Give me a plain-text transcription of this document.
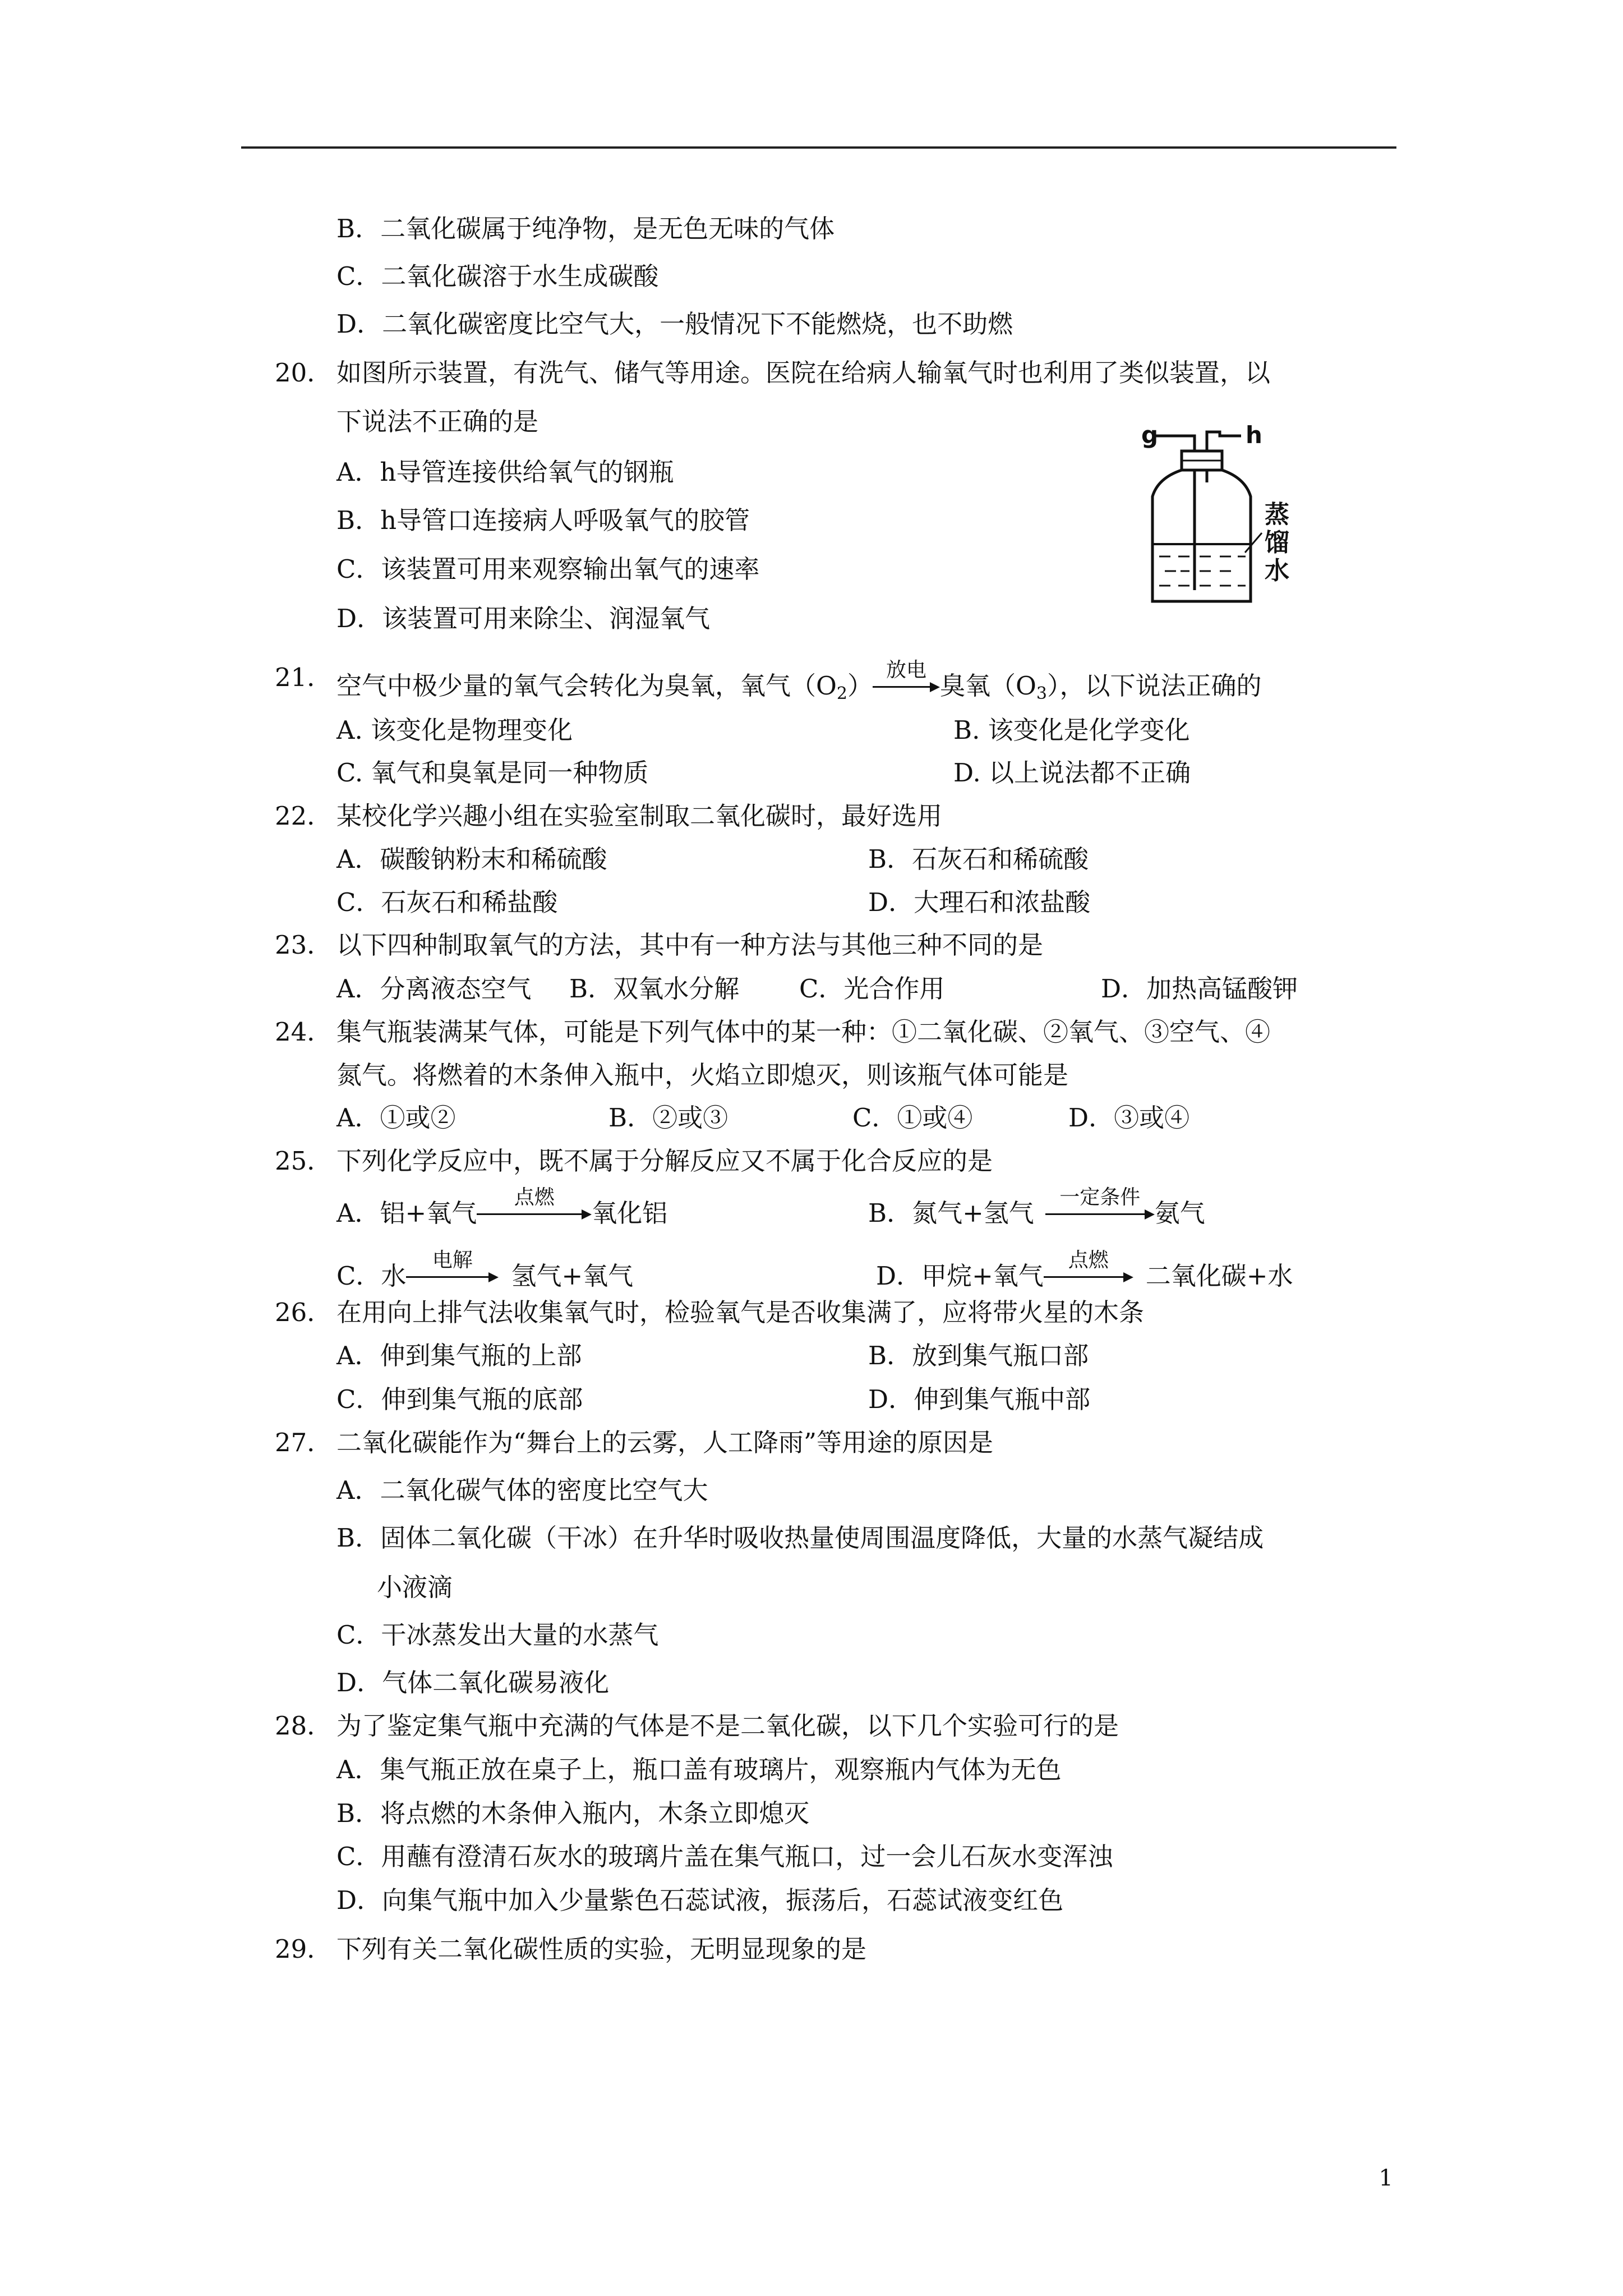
B．二氧化碳属于纯净物，是无色无味的气体
C．二氧化碳溶于水生成碳酸
D．二氧化碳密度比空气大，一般情况下不能燃烧，也不助燃
20． 如图所示装置，有洗气、储气等用途。医院在给病人输氧气时也利用了类似装置，以
下说法不正确的是
A．h导管连接供给氧气的钢瓶
B．h导管口连接病人呼吸氧气的胶管
C．该装置可用来观察输出氧气的速率
D．该装置可用来除尘、润湿氧气
g	h
蒸
馏
水
21． 空气中极少量的氧气会转化为臭氧，氧气$(O_2)$
放电
臭氧$(O_3)$，以下说法正确的
A. 该变化是物理变化	B. 该变化是化学变化
C. 氧气和臭氧是同一种物质	D. 以上说法都不正确
22． 某校化学兴趣小组在实验室制取二氧化碳时，最好选用
A．碳酸钠粉末和稀硫酸	B．石灰石和稀硫酸
C．石灰石和稀盐酸	D．大理石和浓盐酸
23． 以下四种制取氧气的方法，其中有一种方法与其他三种不同的是
A．分离液态空气 B．双氧水分解 C．光合作用	D．加热高锰酸钾
24． 集气瓶装满某气体，可能是下列气体中的某一种：①二氧化碳、②氧气、③空气、④
氮气。将燃着的木条伸入瓶中，火焰立即熄灭，则该瓶气体可能是
A．①或②	B．②或③	C．①或④	D．③或④
25． 下列化学反应中，既不属于分解反应又不属于化合反应的是
A．铝+氧气
点燃
氧化铝	B．氮气+氢气
一定条件
氨气
C．水
电解
氢气+氧气	D．甲烷+氧气
点燃
二氧化碳+水
26． 在用向上排气法收集氧气时，检验氧气是否收集满了，应将带火星的木条
A．伸到集气瓶的上部	B．放到集气瓶口部
C．伸到集气瓶的底部	D．伸到集气瓶中部
27． 二氧化碳能作为“舞台上的云雾，人工降雨”等用途的原因是
A．二氧化碳气体的密度比空气大
B．固体二氧化碳（干冰）在升华时吸收热量使周围温度降低，大量的水蒸气凝结成
小液滴
C．干冰蒸发出大量的水蒸气
D．气体二氧化碳易液化
28． 为了鉴定集气瓶中充满的气体是不是二氧化碳，以下几个实验可行的是
A．集气瓶正放在桌子上，瓶口盖有玻璃片，观察瓶内气体为无色
B．将点燃的木条伸入瓶内，木条立即熄灭
C．用蘸有澄清石灰水的玻璃片盖在集气瓶口，过一会儿石灰水变浑浊
D．向集气瓶中加入少量紫色石蕊试液，振荡后，石蕊试液变红色
29． 下列有关二氧化碳性质的实验，无明显现象的是
1
